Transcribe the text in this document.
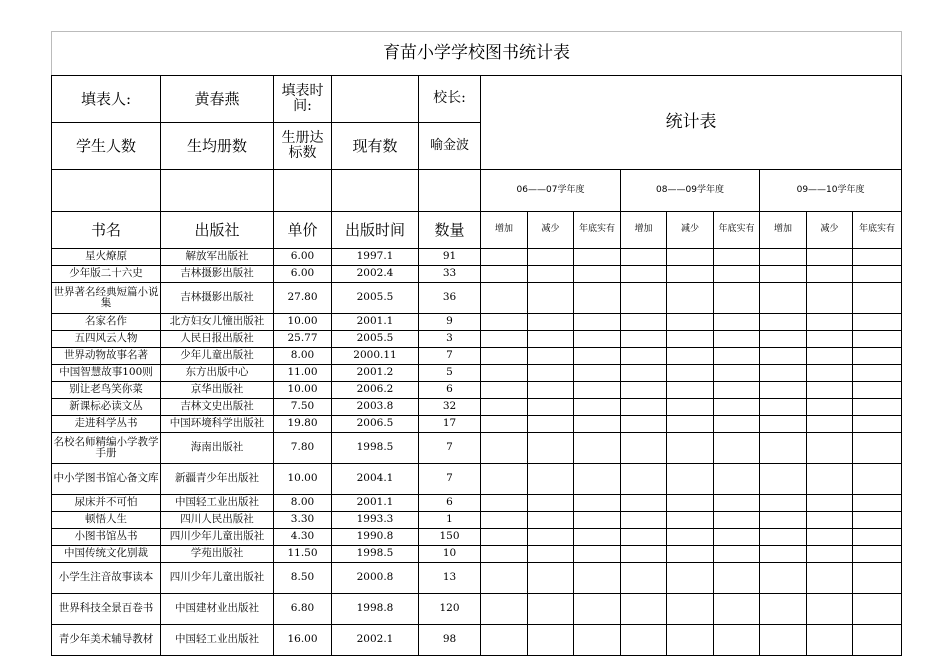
育苗小学学校图书统计表													
填表人:	黄春燕	填表时间:		校长:	统计表								
学生人数	生均册数	生册达标数	现有数	喻金波									
					06——07学年度			08——09学年度			09——10学年度		
书名	出版社	单价	出版时间	数量	增加	减少	年底实有	增加	减少	年底实有	增加	减少	年底实有
星火燎原	解放军出版社	6.00	1997.1	91									
少年版二十六史	吉林摄影出版社	6.00	2002.4	33									
世界著名经典短篇小说集	吉林摄影出版社	27.80	2005.5	36									
名家名作	北方妇女儿憧出版社	10.00	2001.1	9									
五四风云人物	人民日报出版社	25.77	2005.5	3									
世界动物故事名著	少年儿童出版社	8.00	2000.11	7									
中国智慧故事100则	东方出版中心	11.00	2001.2	5									
别让老鸟笑你菜	京华出版社	10.00	2006.2	6									
新课标必读文丛	吉林文史出版社	7.50	2003.8	32									
走进科学丛书	中国环境科学出版社	19.80	2006.5	17									
名校名师精编小学教学手册	海南出版社	7.80	1998.5	7									
中小学图书馆心备文库	新疆青少年出版社	10.00	2004.1	7									
尿床并不可怕	中国轻工业出版社	8.00	2001.1	6									
顿悟人生	四川人民出版社	3.30	1993.3	1									
小图书馆丛书	四川少年儿童出版社	4.30	1990.8	150									
中国传统文化别裁	学苑出版社	11.50	1998.5	10									
小学生注音故事读本	四川少年儿童出版社	8.50	2000.8	13									
世界科技全景百卷书	中国建材业出版社	6.80	1998.8	120									
青少年美术辅导教材	中国轻工业出版社	16.00	2002.1	98									
